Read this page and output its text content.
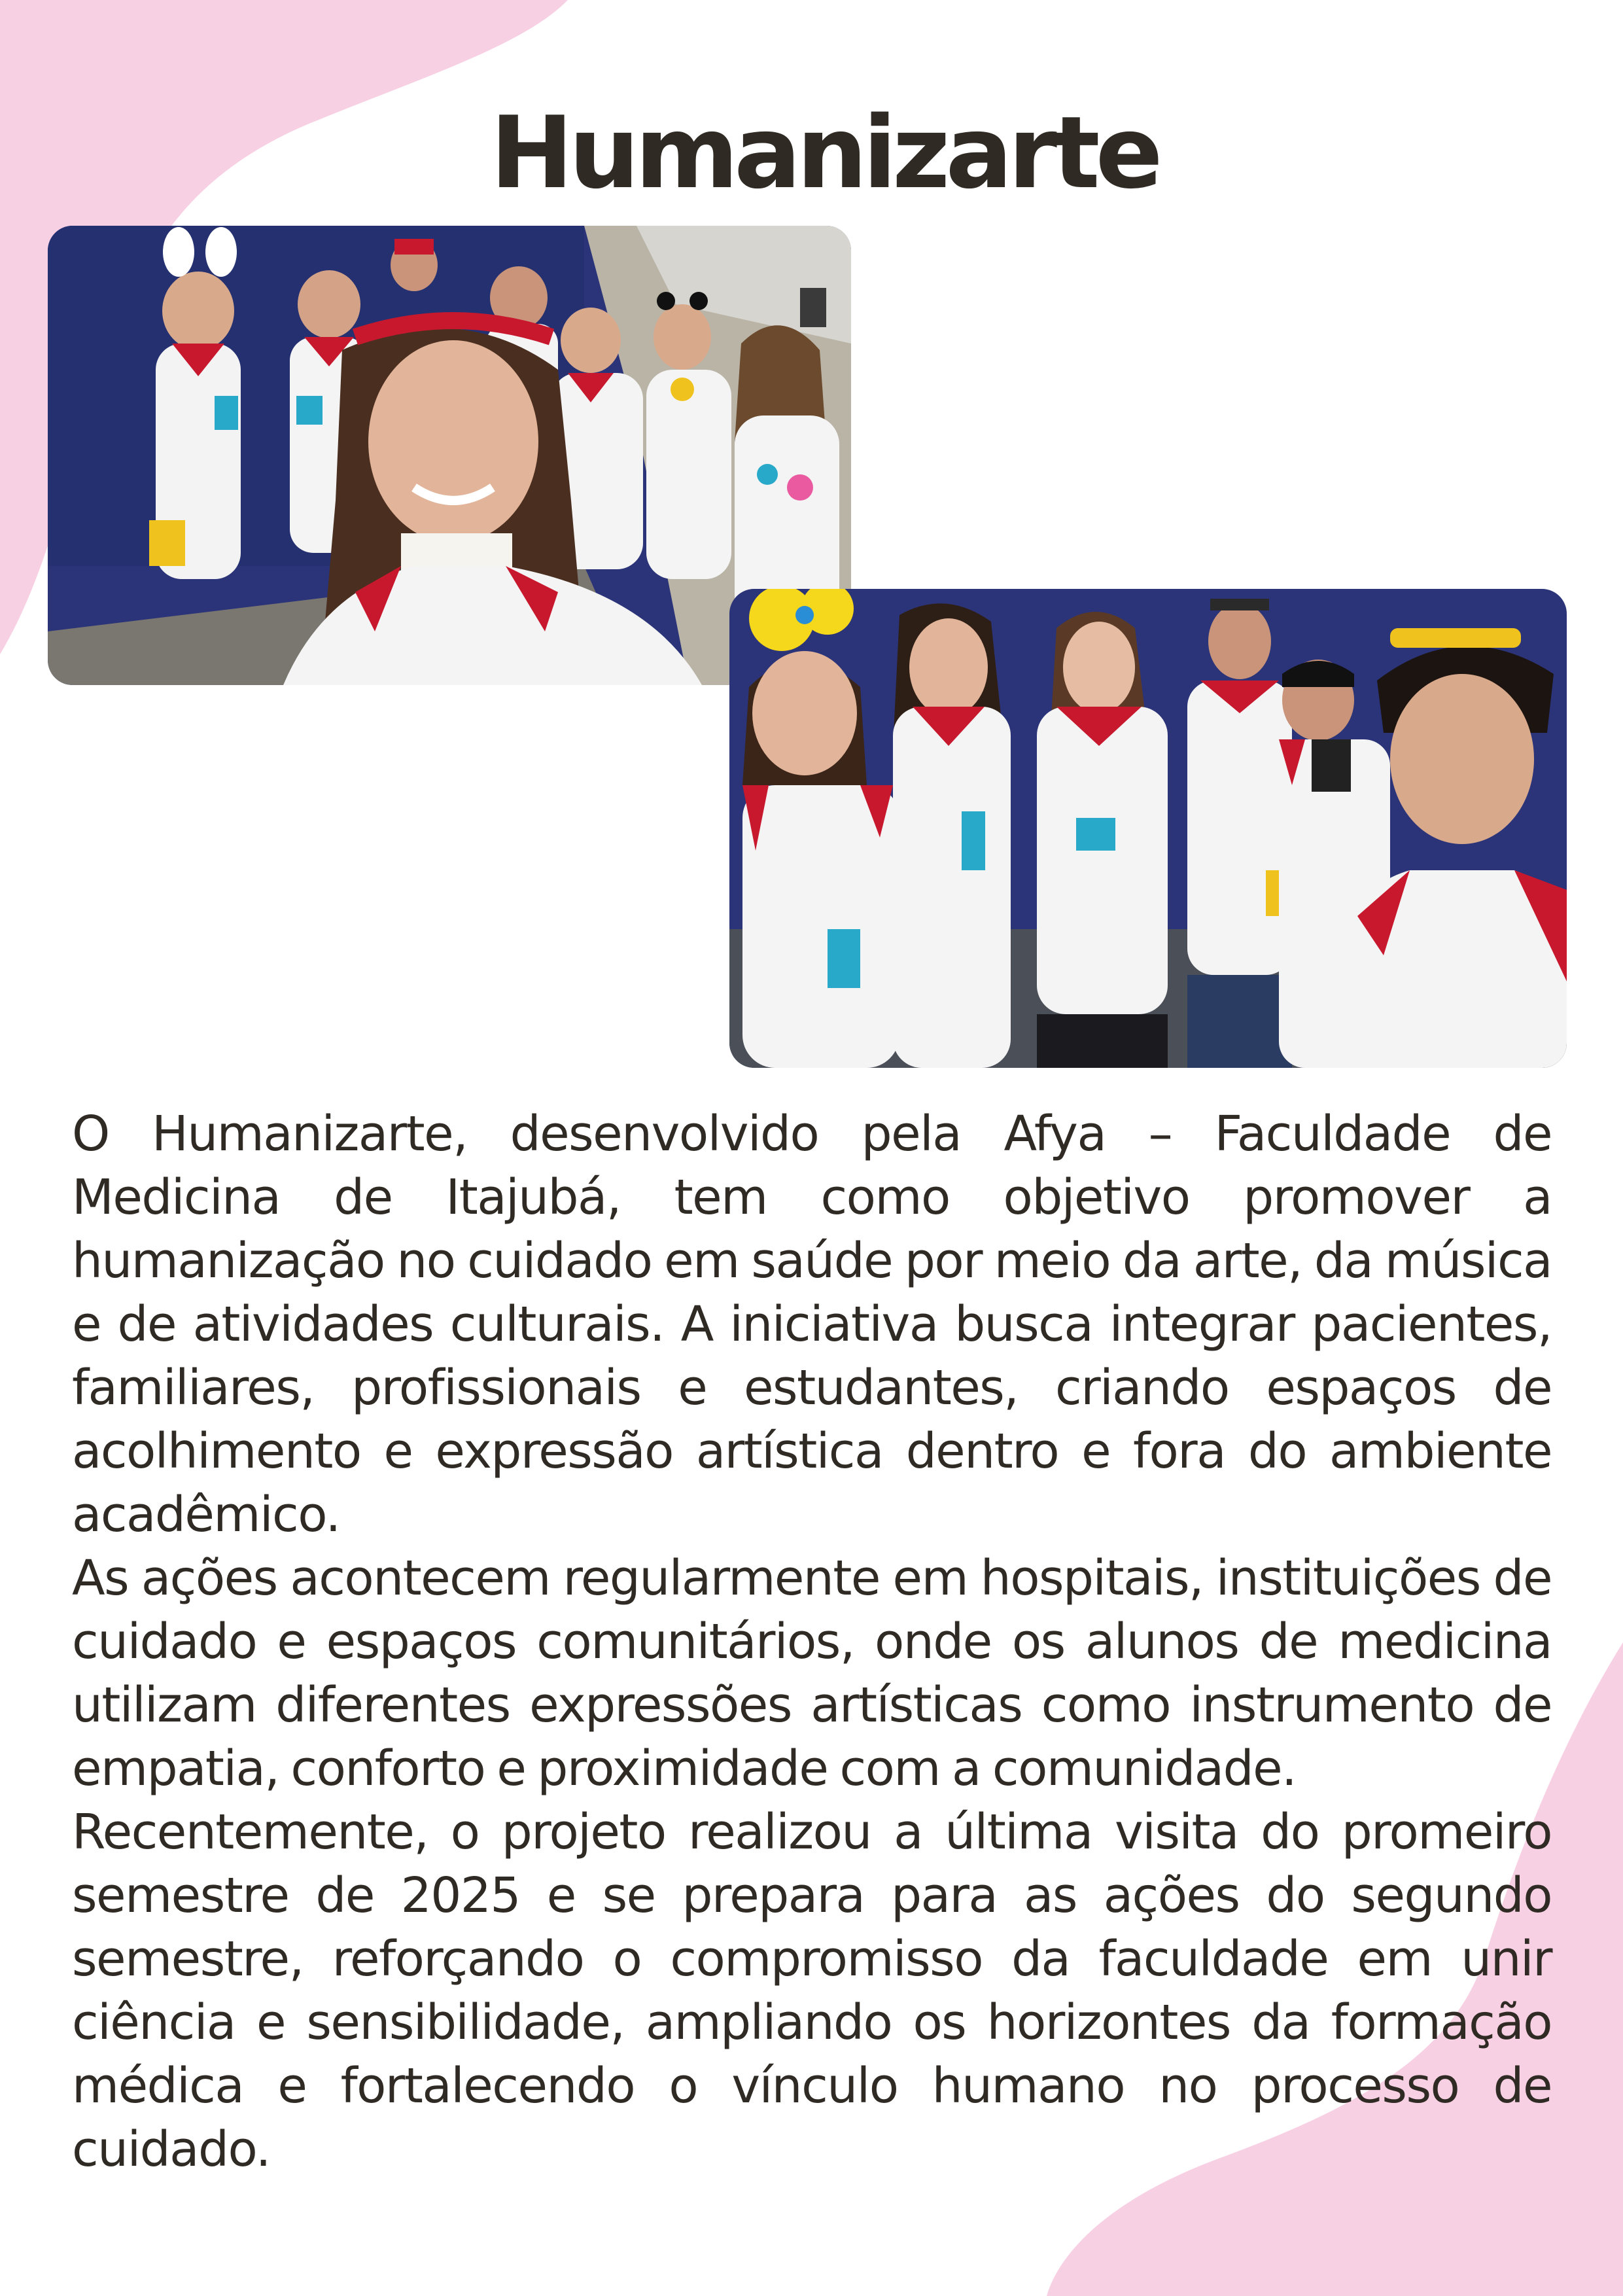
Humanizarte

O Humanizarte, desenvolvido pela Afya – Faculdade de Medicina de Itajubá, tem como objetivo promover a humanização no cuidado em saúde por meio da arte, da música e de atividades culturais. A iniciativa busca integrar pacientes, familiares, profissionais e estudantes, criando espaços de acolhimento e expressão artística dentro e fora do ambiente acadêmico.

As ações acontecem regularmente em hospitais, instituições de cuidado e espaços comunitários, onde os alunos de medicina utilizam diferentes expressões artísticas como instrumento de empatia, conforto e proximidade com a comunidade.

Recentemente, o projeto realizou a última visita do promeiro semestre de 2025 e se prepara para as ações do segundo semestre, reforçando o compromisso da faculdade em unir ciência e sensibilidade, ampliando os horizontes da formação médica e fortalecendo o vínculo humano no processo de cuidado.
